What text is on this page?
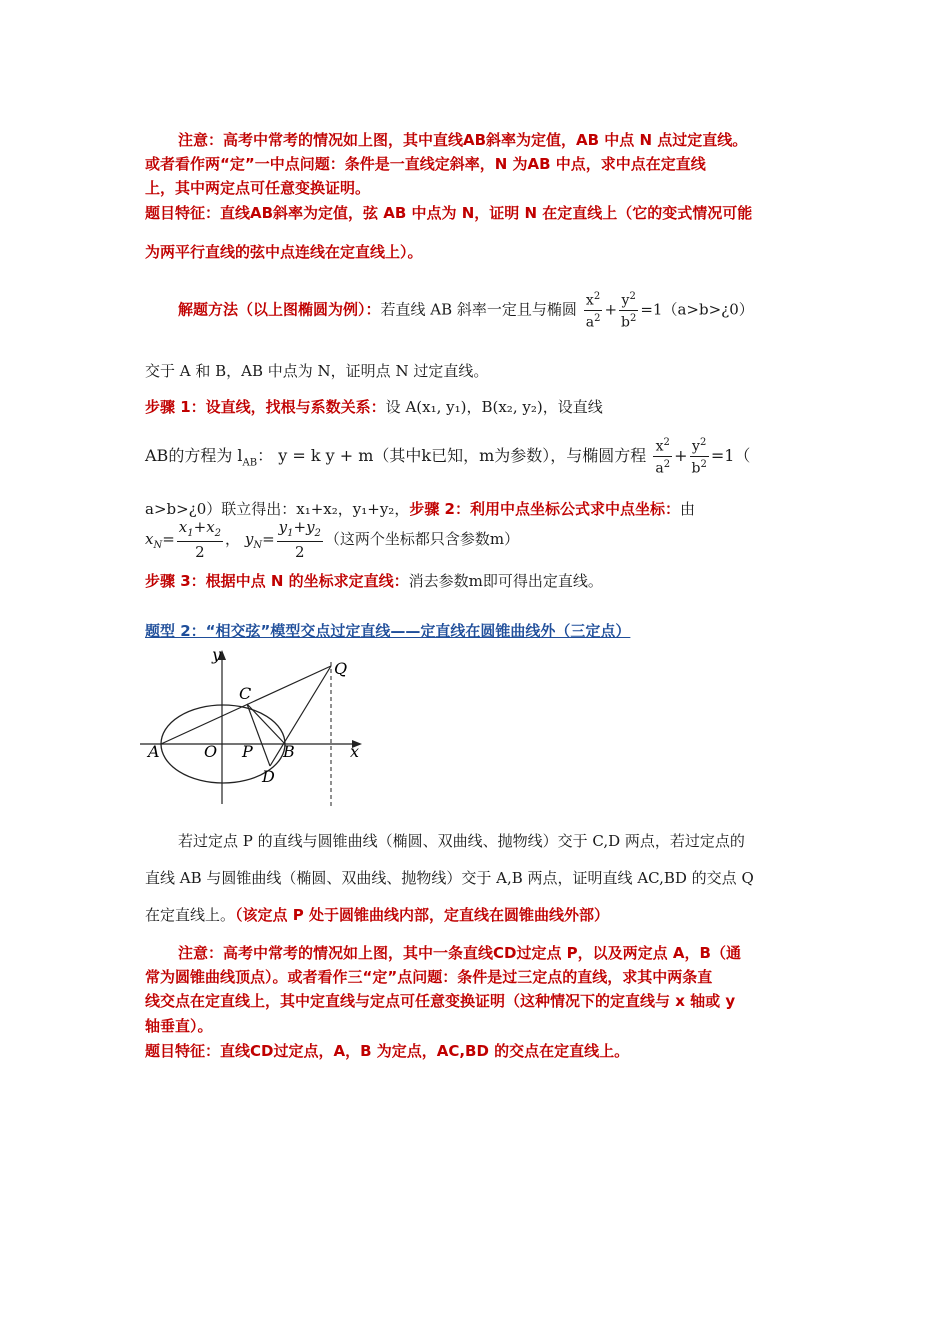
注意：高考中常考的情况如上图，其中直线AB斜率为定值，AB 中点 N 点过定直线。
或者看作两“定”一中点问题：条件是一直线定斜率，N 为AB 中点，求中点在定直线
上，其中两定点可任意变换证明。
题目特征：直线AB斜率为定值，弦 AB 中点为 N，证明 N 在定直线上（它的变式情况可能
为两平行直线的弦中点连线在定直线上）。
解题方法（以上图椭圆为例）：若直线 AB 斜率一定且与椭圆 $\frac{x^2}{a^2} + \frac{y^2}{b^2}$ =1（a>b>¿0）
交于 A 和 B，AB 中点为 N，证明点 N 过定直线。
步骤 1：设直线，找根与系数关系：设 A(x₁, y₁)，B(x₂, y₂)，设直线
AB的方程为 $l_{AB}$： y = k y + m（其中k已知，m为参数），与椭圆方程 $\frac{x^2}{a^2} + \frac{y^2}{b^2} =1$（
a>b>¿0）联立得出：x₁+x₂，y₁+y₂，步骤 2：利用中点坐标公式求中点坐标：由
$x_N= \frac{x_1+x_2}{2}$ ， $y_N= \frac{y_1+y_2}{2}$ （这两个坐标都只含参数m）
步骤 3：根据中点 N 的坐标求定直线：消去参数m即可得出定直线。
题型 2：“相交弦”模型交点过定直线——定直线在圆锥曲线外（三定点）
y
x
A	O P B
C
D
Q
若过定点 P 的直线与圆锥曲线（椭圆、双曲线、抛物线）交于 C,D 两点，若过定点的
直线 AB 与圆锥曲线（椭圆、双曲线、抛物线）交于 A,B 两点，证明直线 AC,BD 的交点 Q
在定直线上。（该定点 P 处于圆锥曲线内部，定直线在圆锥曲线外部）
注意：高考中常考的情况如上图，其中一条直线CD过定点 P，以及两定点 A，B（通
常为圆锥曲线顶点）。或者看作三“定”点问题：条件是过三定点的直线，求其中两条直
线交点在定直线上，其中定直线与定点可任意变换证明（这种情况下的定直线与 x 轴或 y
轴垂直）。
题目特征：直线CD过定点，A，B 为定点，AC,BD 的交点在定直线上。
